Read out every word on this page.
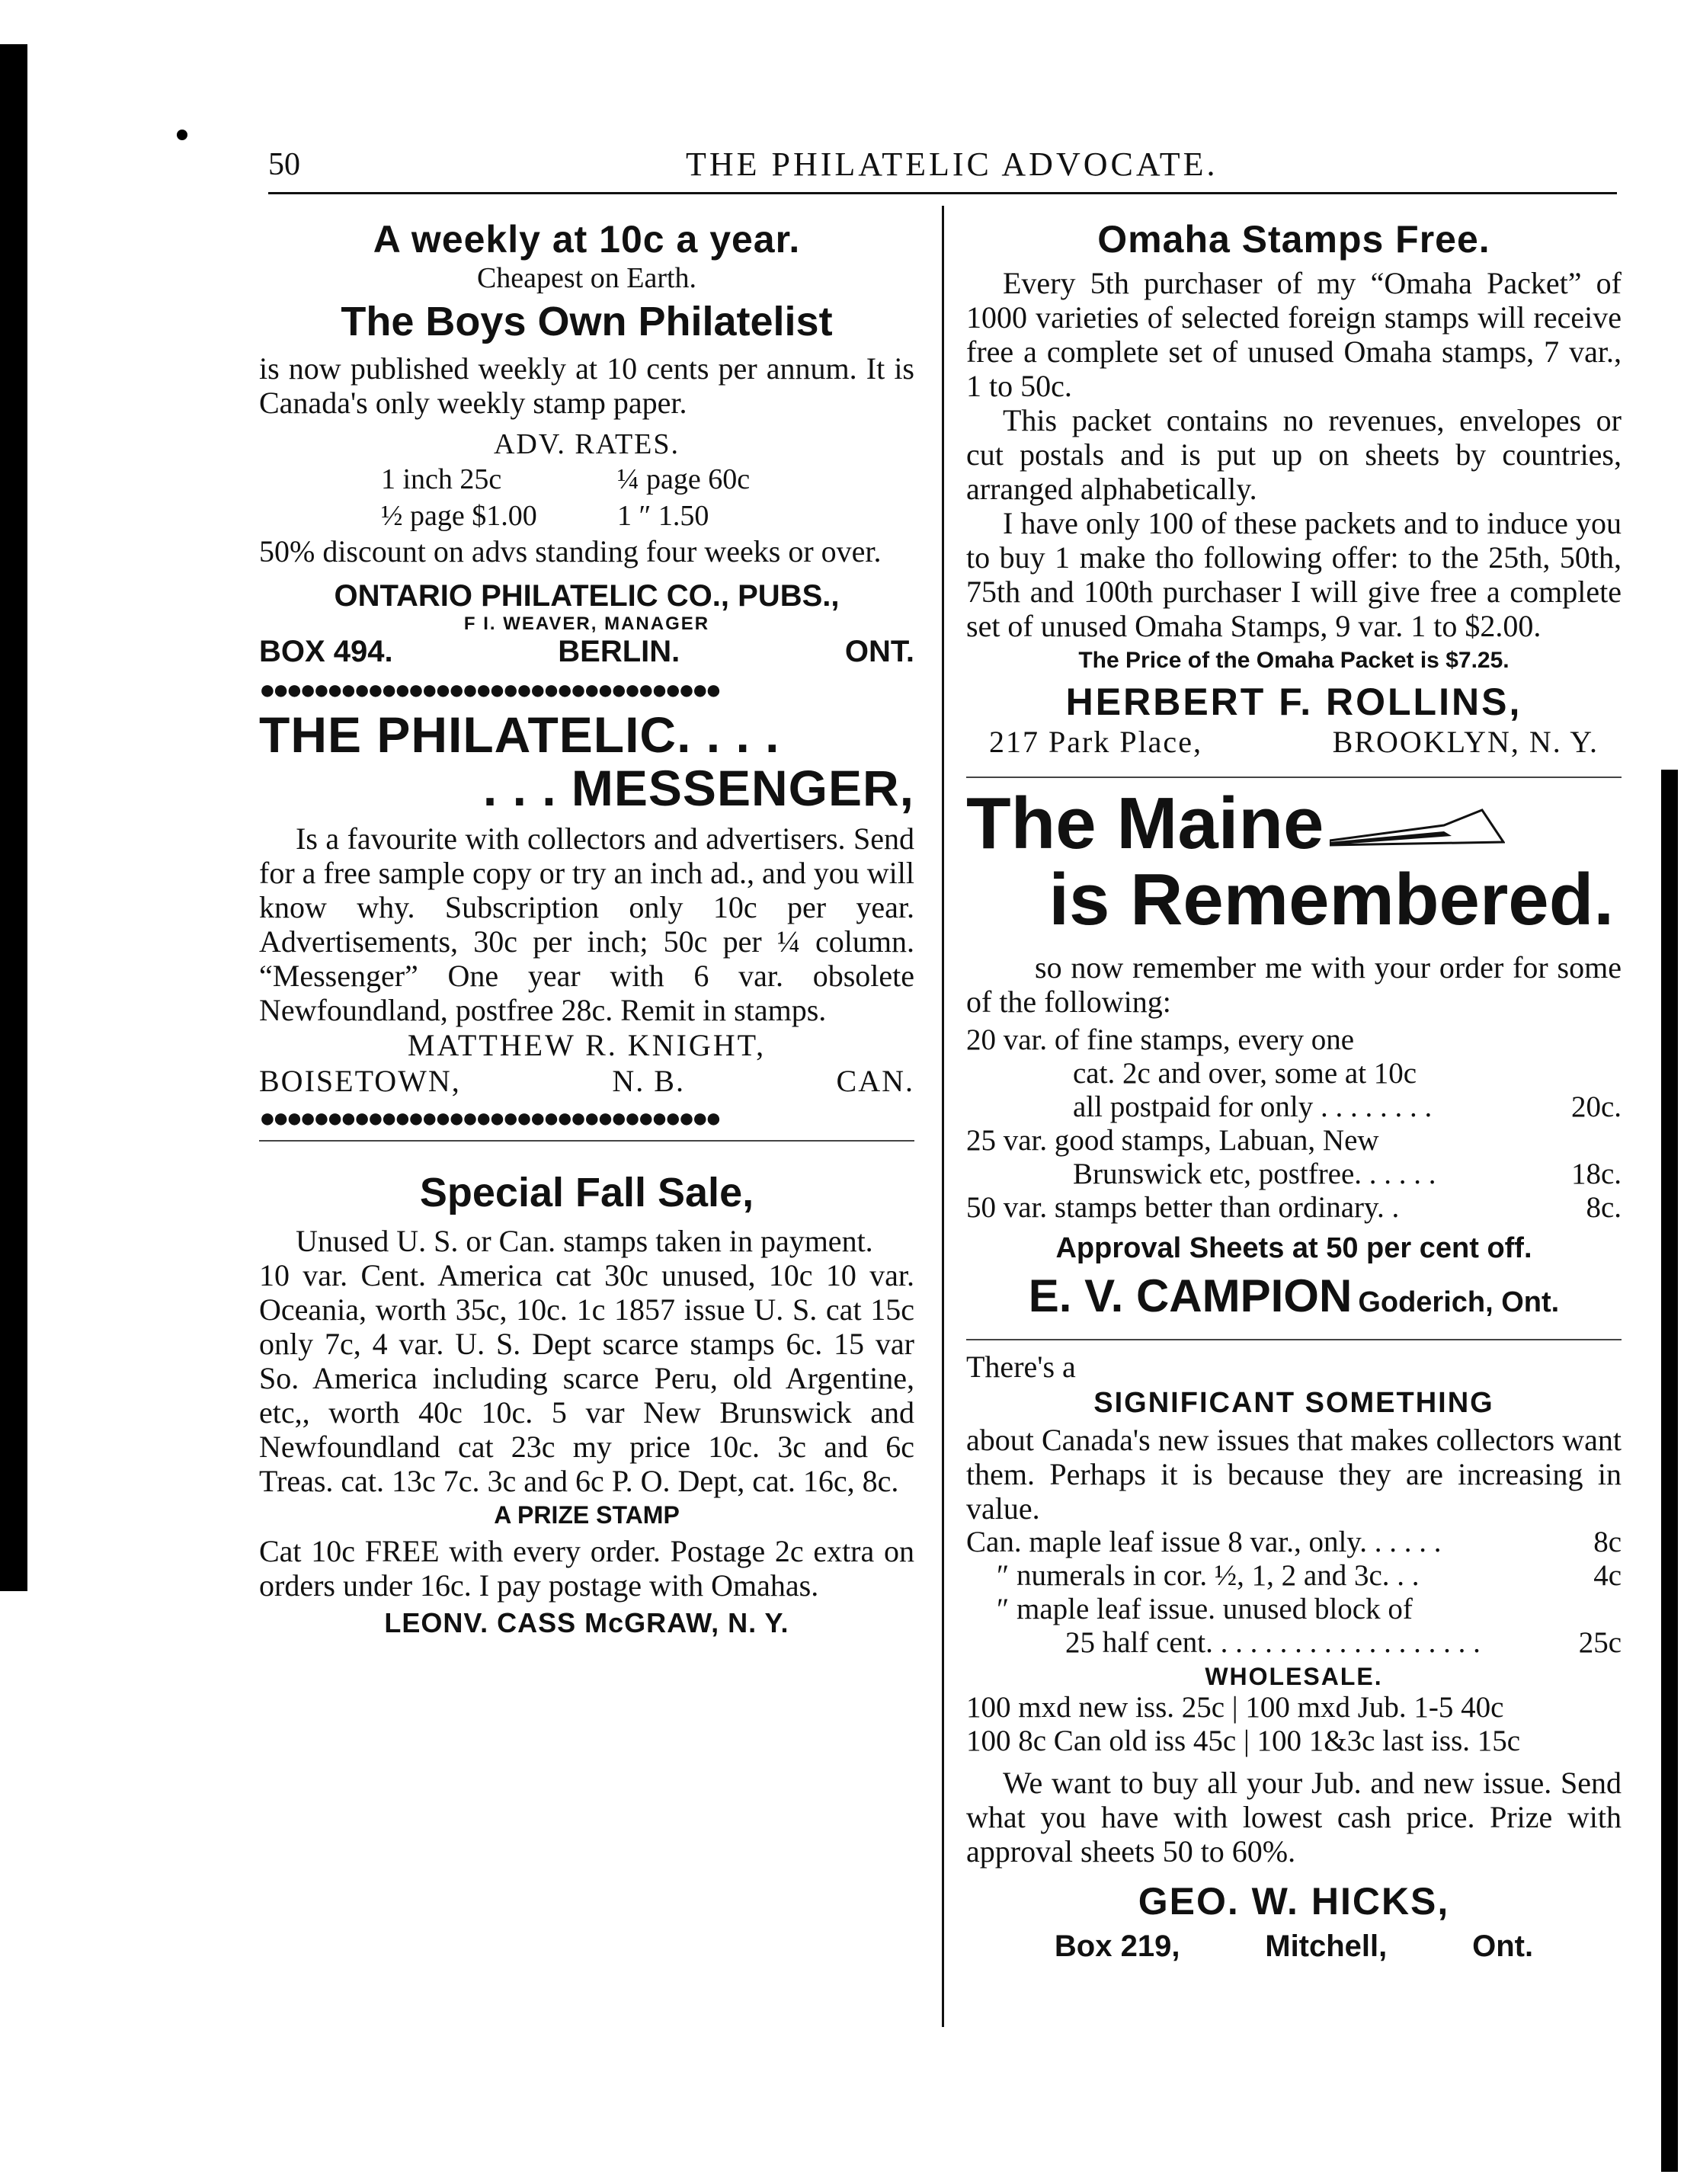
50	THE PHILATELIC ADVOCATE.
A weekly at 10c a year.
Cheapest on Earth.
The Boys Own Philatelist
is now published weekly at 10 cents per annum. It is Canada's only weekly stamp paper.
ADV. RATES.
1 inch 25c	¼ page 60c
½ page $1.00	1 ″ 1.50
50% discount on advs standing four weeks or over.
ONTARIO PHILATELIC CO., PUBS.,
F I. WEAVER, MANAGER
BOX 494.	BERLIN.	ONT.
●●●●●●●●●●●●●●●●●●●●●●●●●●●●●●●●●●
THE PHILATELIC. . . .
. . . MESSENGER,
Is a favourite with collectors and advertisers. Send for a free sample copy or try an inch ad., and you will know why. Subscription only 10c per year. Advertisements, 30c per inch; 50c per ¼ column. “Messenger” One year with 6 var. obsolete Newfoundland, postfree 28c. Remit in stamps.
MATTHEW R. KNIGHT,
BOISETOWN,	N. B.	CAN.
●●●●●●●●●●●●●●●●●●●●●●●●●●●●●●●●●●
Special Fall Sale,
Unused U. S. or Can. stamps taken in payment.
10 var. Cent. America cat 30c unused, 10c 10 var. Oceania, worth 35c, 10c. 1c 1857 issue U. S. cat 15c only 7c, 4 var. U. S. Dept scarce stamps 6c. 15 var So. America including scarce Peru, old Argentine, etc,, worth 40c 10c. 5 var New Brunswick and Newfoundland cat 23c my price 10c. 3c and 6c Treas. cat. 13c 7c. 3c and 6c P. O. Dept, cat. 16c, 8c.
A PRIZE STAMP
Cat 10c FREE with every order. Postage 2c extra on orders under 16c. I pay postage with Omahas.
LEONV. CASS McGRAW, N. Y.
Omaha Stamps Free.
Every 5th purchaser of my “Omaha Packet” of 1000 varieties of selected foreign stamps will receive free a complete set of unused Omaha stamps, 7 var., 1 to 50c.
This packet contains no revenues, envelopes or cut postals and is put up on sheets by countries, arranged alphabetically.
I have only 100 of these packets and to induce you to buy 1 make tho following offer: to the 25th, 50th, 75th and 100th purchaser I will give free a complete set of unused Omaha Stamps, 9 var. 1 to $2.00.
The Price of the Omaha Packet is $7.25.
HERBERT F. ROLLINS,
217 Park Place,	BROOKLYN, N. Y.
The Maine
is Remembered.
so now remember me with your order for some of the following:
20 var. of fine stamps, every one
cat. 2c and over, some at 10c
all postpaid for only . . . . . . . .	20c.
25 var. good stamps, Labuan, New
Brunswick etc, postfree. . . . . .	18c.
50 var. stamps better than ordinary. .	8c.
Approval Sheets at 50 per cent off.
E. V. CAMPION Goderich, Ont.
There's a
SIGNIFICANT SOMETHING
about Canada's new issues that makes collectors want them. Perhaps it is because they are increasing in value.
Can. maple leaf issue 8 var., only. . . . . .	8c
″ numerals in cor. ½, 1, 2 and 3c. . .	4c
″ maple leaf issue. unused block of
25 half cent. . . . . . . . . . . . . . . . . . .	25c
WHOLESALE.
100 mxd new iss. 25c | 100 mxd Jub. 1-5 40c
100 8c Can old iss 45c | 100 1&3c last iss. 15c
We want to buy all your Jub. and new issue. Send what you have with lowest cash price. Prize with approval sheets 50 to 60%.
GEO. W. HICKS,
Box 219,	Mitchell,	Ont.
